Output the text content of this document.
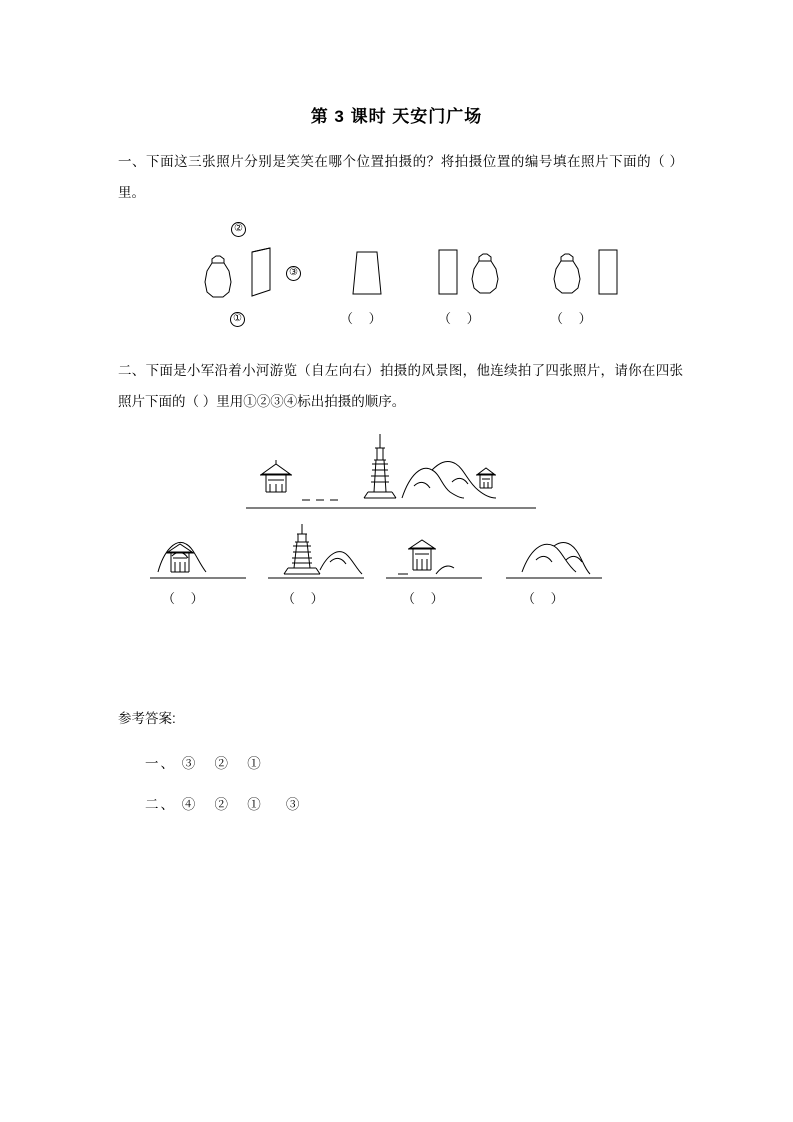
第 3 课时 天安门广场
一、下面这三张照片分别是笑笑在哪个位置拍摄的？将拍摄位置的编号填在照片下面的（ ）里。
②
③
①	（ ）	（ ）	（ ）
二、下面是小军沿着小河游览（自左向右）拍摄的风景图，他连续拍了四张照片，请你在四张照片下面的（ ）里用①②③④标出拍摄的顺序。
（ ）	（ ）	（ ）	（ ）
参考答案:
一、 ③ ② ①
二、 ④ ② ① ③
